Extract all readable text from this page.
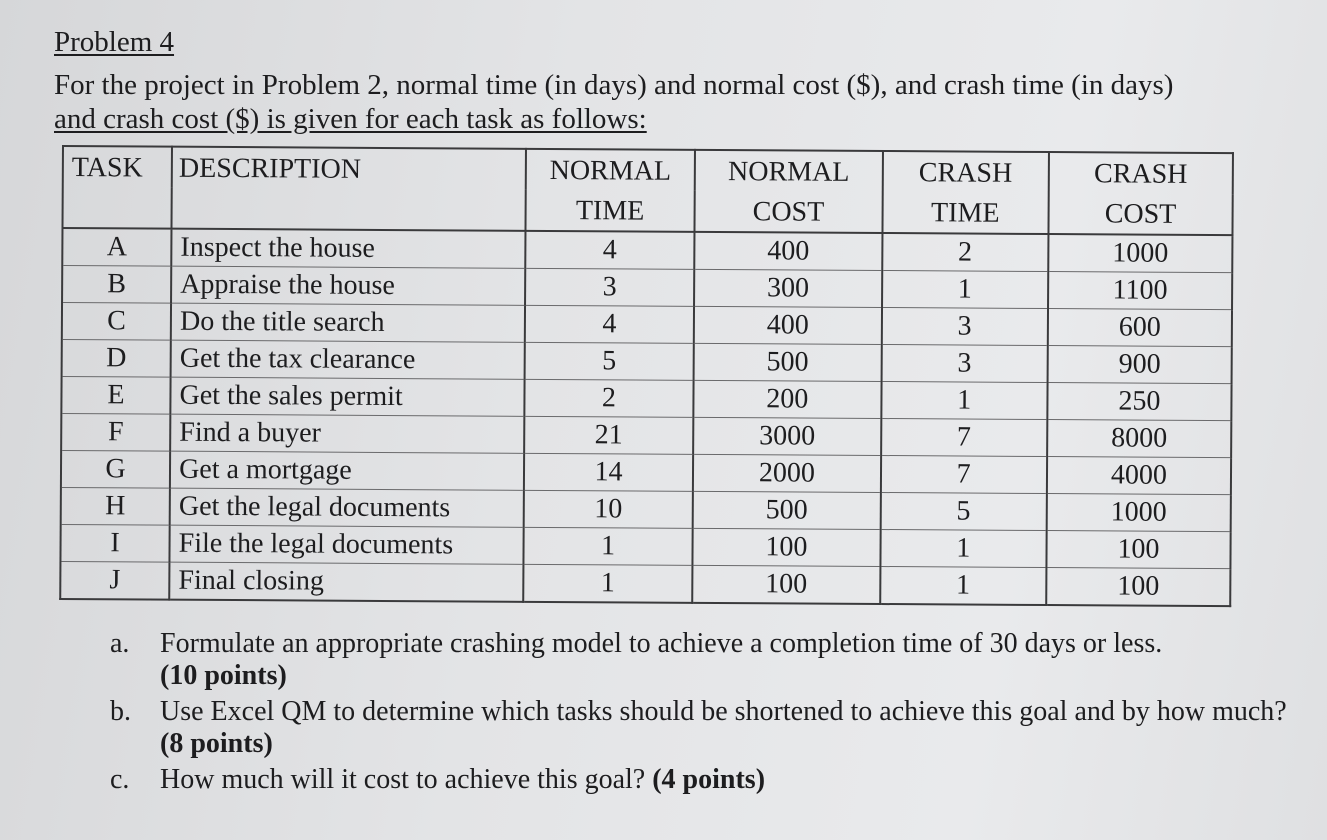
Problem 4
For the project in Problem 2, normal time (in days) and normal cost ($), and crash time (in days)
and crash cost ($) is given for each task as follows:
TASK	DESCRIPTION	NORMAL	NORMAL	CRASH	CRASH
		TIME	COST	TIME	COST
A	Inspect the house	4	400	2	1000
B	Appraise the house	3	300	1	1100
C	Do the title search	4	400	3	600
D	Get the tax clearance	5	500	3	900
E	Get the sales permit	2	200	1	250
F	Find a buyer	21	3000	7	8000
G	Get a mortgage	14	2000	7	4000
H	Get the legal documents	10	500	5	1000
I	File the legal documents	1	100	1	100
J	Final closing	1	100	1	100
a. Formulate an appropriate crashing model to achieve a completion time of 30 days or less.
(10 points)
b. Use Excel QM to determine which tasks should be shortened to achieve this goal and by how much? (8 points)
c. How much will it cost to achieve this goal? (4 points)
